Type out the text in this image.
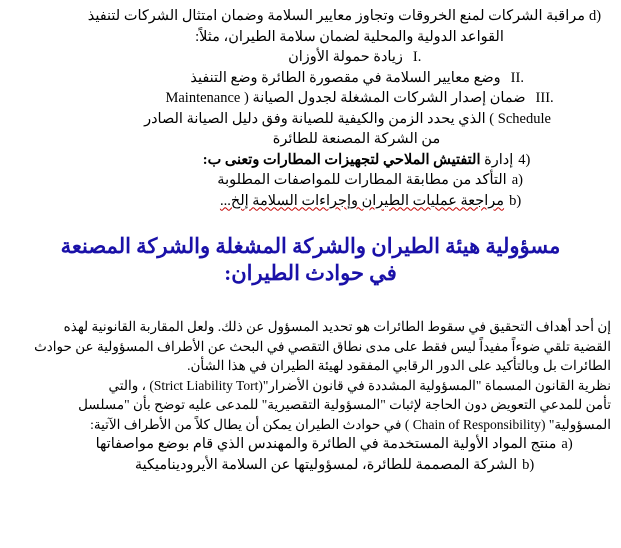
d)
مراقبة الشركات لمنع الخروقات وتجاوز معايير السلامة وضمان امتثال الشركات لتنفيذ
القواعد الدولية والمحلية لضمان سلامة الطيران، مثلاً:
I.
زيادة حمولة الأوزان
II.
وضع معايير السلامة في مقصورة الطائرة وضع التنفيذ
III.
ضمان إصدار الشركات المشغلة لجدول الصيانة ( Maintenance
Schedule ) الذي يحدد الزمن والكيفية للصيانة وفق دليل الصيانة الصادر
من الشركة المصنعة للطائرة
4)
إدارة التفتيش الملاحي لتجهيزات المطارات وتعنى ب:
a)
التأكد من مطابقة المطارات للمواصفات المطلوبة
b)
مراجعة عمليات الطيران وإجراءات السلامة إلخ...
مسؤولية هيئة الطيران والشركة المشغلة والشركة المصنعة
في حوادث الطيران:
إن أحد أهداف التحقيق في سقوط الطائرات هو تحديد المسؤول عن ذلك. ولعل المقاربة القانونية لهذه
القضية تلقي ضوءاً مفيداً ليس فقط على مدى نطاق التقصي في البحث عن الأطراف المسؤولية عن حوادث
الطائرات بل وبالتأكيد على الدور الرقابي المفقود لهيئة الطيران في هذا الشأن.
نظرية القانون المسماة "المسؤولية المشددة في قانون الأضرار"(Strict Liability Tort) ، والتي
تأمن للمدعي التعويض دون الحاجة لإثبات "المسؤولية التقصيرية" للمدعى عليه توضح بأن "مسلسل
المسؤولية" (Chain of Responsibility ) في حوادث الطيران يمكن أن يطال كلاً من الأطراف الآتية:
a)
منتج المواد الأولية المستخدمة في الطائرة والمهندس الذي قام بوضع مواصفاتها
b)
الشركة المصممة للطائرة، لمسؤوليتها عن السلامة الأيروديناميكية
